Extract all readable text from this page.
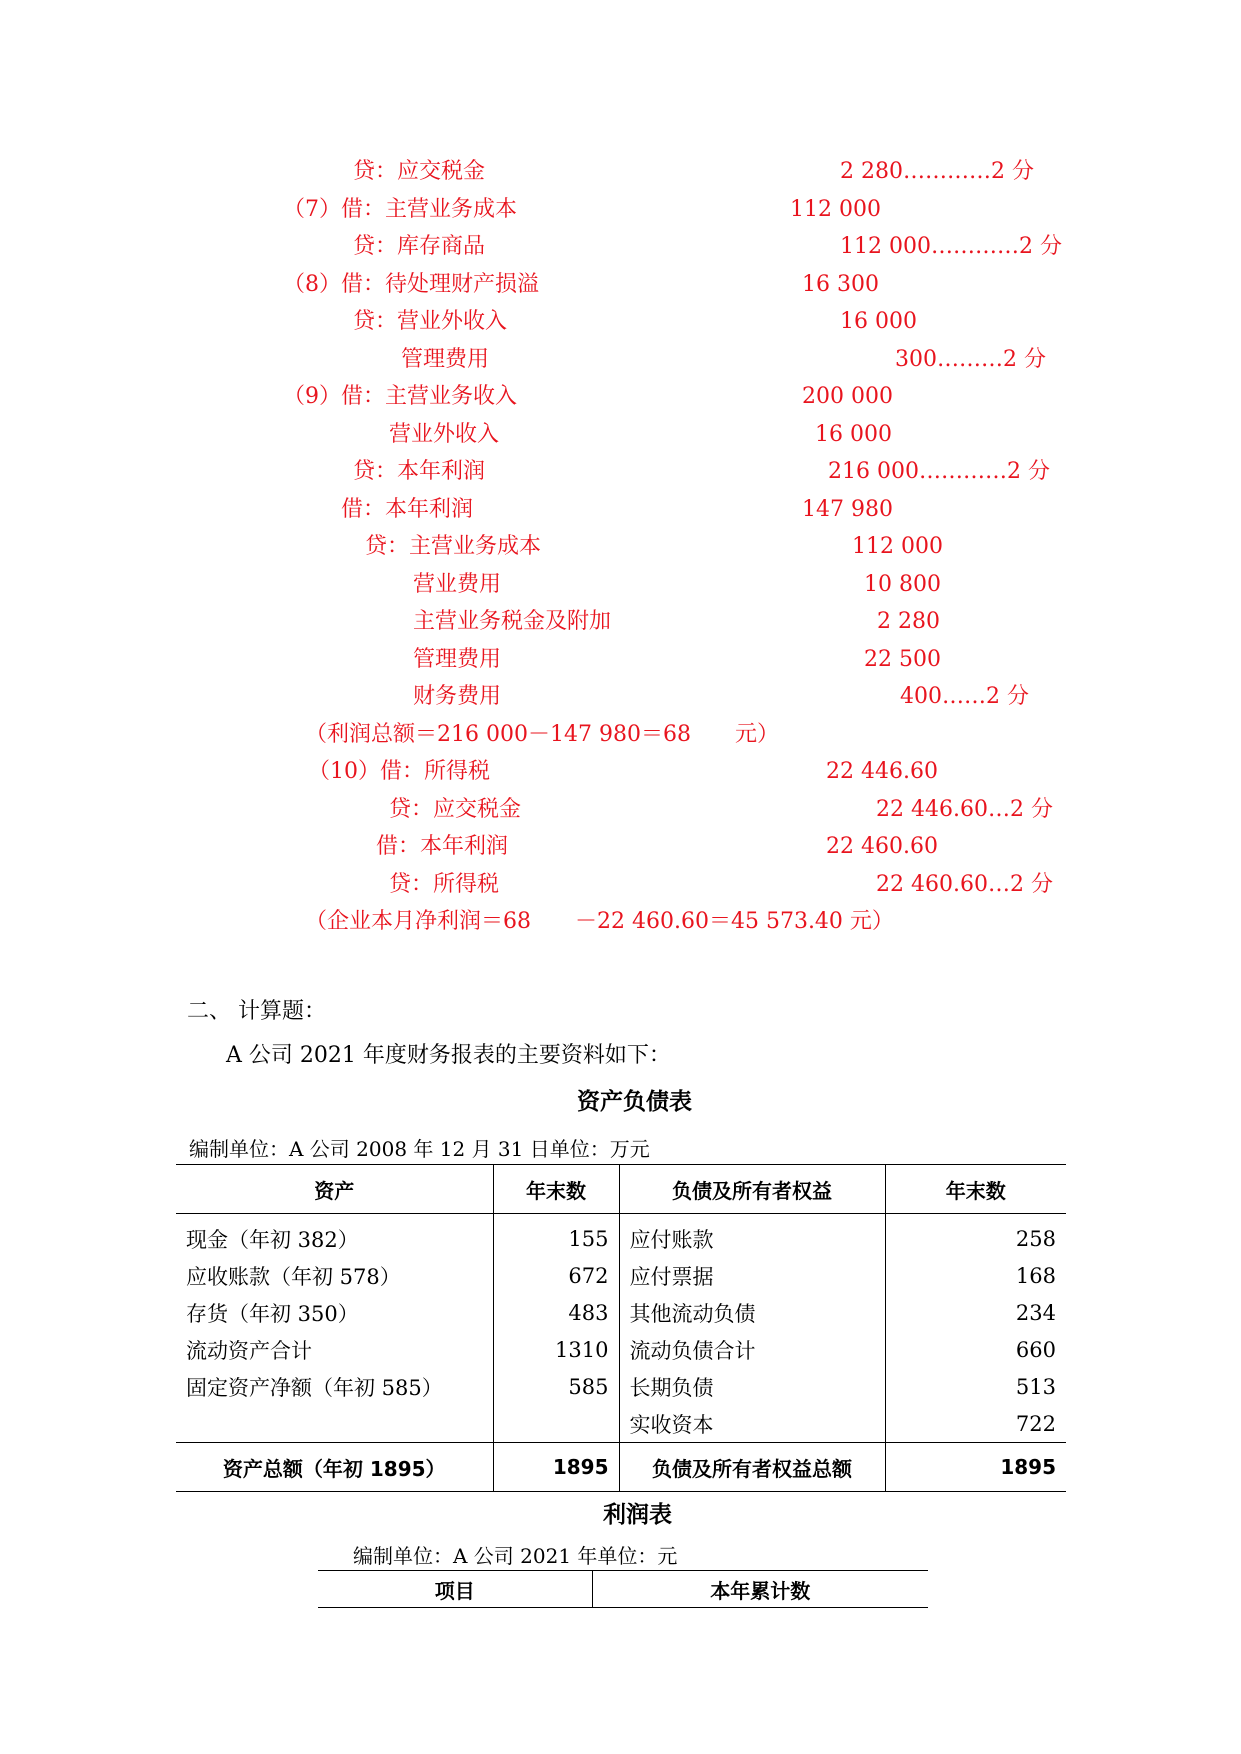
贷：应交税金	2 280…………2 分
（7）借：主营业务成本	112 000
贷：库存商品	112 000…………2 分
（8）借：待处理财产损溢	16 300
贷：营业外收入	16 000
管理费用	300………2 分
（9）借：主营业务收入	200 000
营业外收入	16 000
贷：本年利润	216 000…………2 分
借：本年利润	147 980
贷：主营业务成本	112 000
营业费用	10 800
主营业务税金及附加	2 280
管理费用	22 500
财务费用	400……2 分
（利润总额＝216 000－147 980＝68　　元）
（10）借：所得税	22 446.60
贷：应交税金	22 446.60…2 分
借：本年利润	22 460.60
贷：所得税	22 460.60…2 分
（企业本月净利润＝68　　－22 460.60＝45 573.40 元）
二、 计算题：
A 公司 2021 年度财务报表的主要资料如下：
资产负债表
编制单位：A 公司 2008 年 12 月 31 日单位：万元
资产	年末数	负债及所有者权益	年末数
现金（年初 382）	155	应付账款	258
应收账款（年初 578）	672	应付票据	168
存货（年初 350）	483	其他流动负债	234
流动资产合计	1310	流动负债合计	660
固定资产净额（年初 585）	585	长期负债	513
		实收资本	722
资产总额（年初 1895）	1895	负债及所有者权益总额	1895
利润表
编制单位：A 公司 2021 年单位：元
项目	本年累计数
